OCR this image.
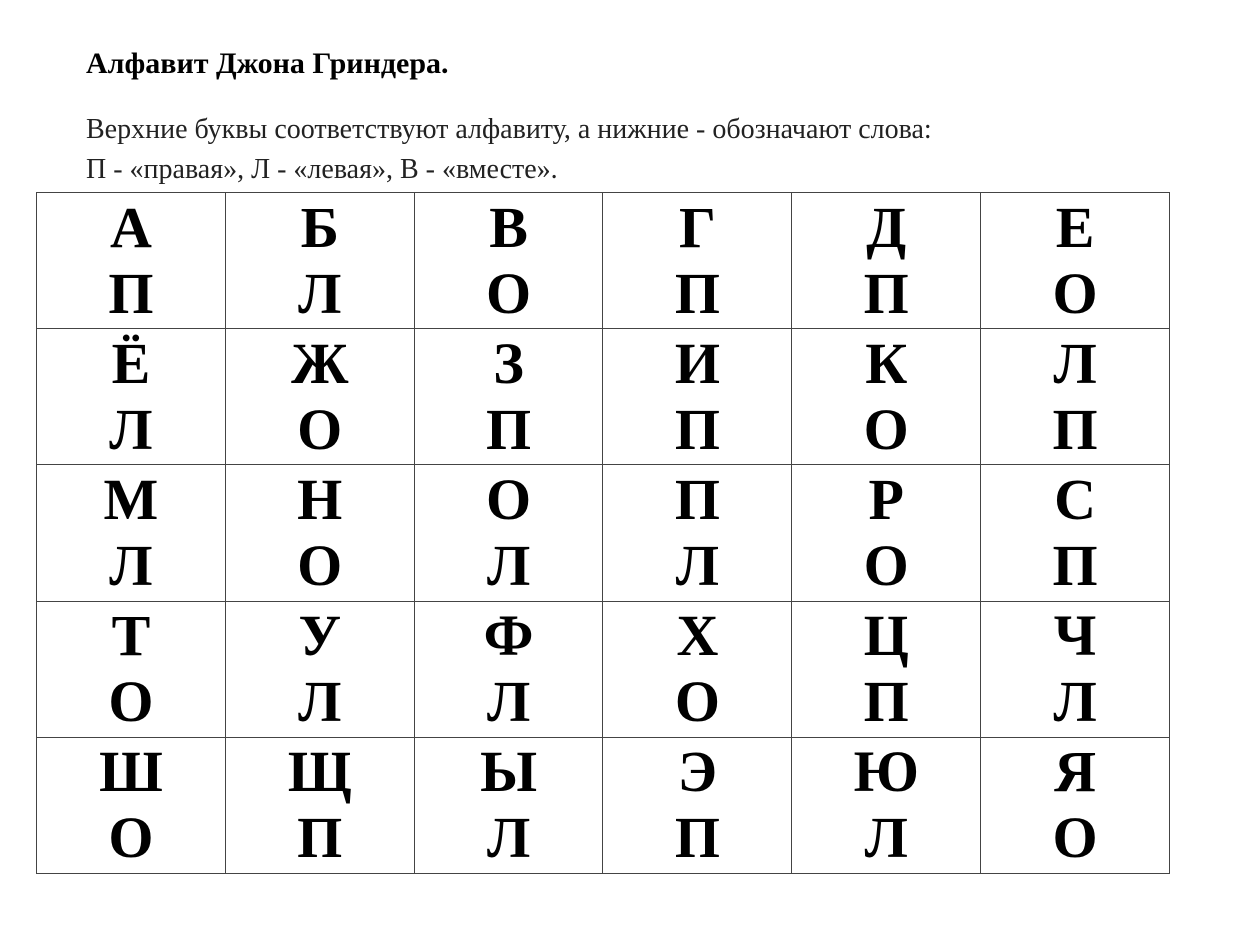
Алфавит Джона Гриндера.
Верхние буквы соответствуют алфавиту, а нижние - обозначают слова:
П - «правая», Л - «левая», В - «вместе».
А
П
Б
Л
В
О
Г
П
Д
П
Е
О
Ё
Л
Ж
О
З
П
И
П
К
О
Л
П
М
Л
Н
О
О
Л
П
Л
Р
О
С
П
Т
О
У
Л
Ф
Л
Х
О
Ц
П
Ч
Л
Ш
О
Щ
П
Ы
Л
Э
П
Ю
Л
Я
О
